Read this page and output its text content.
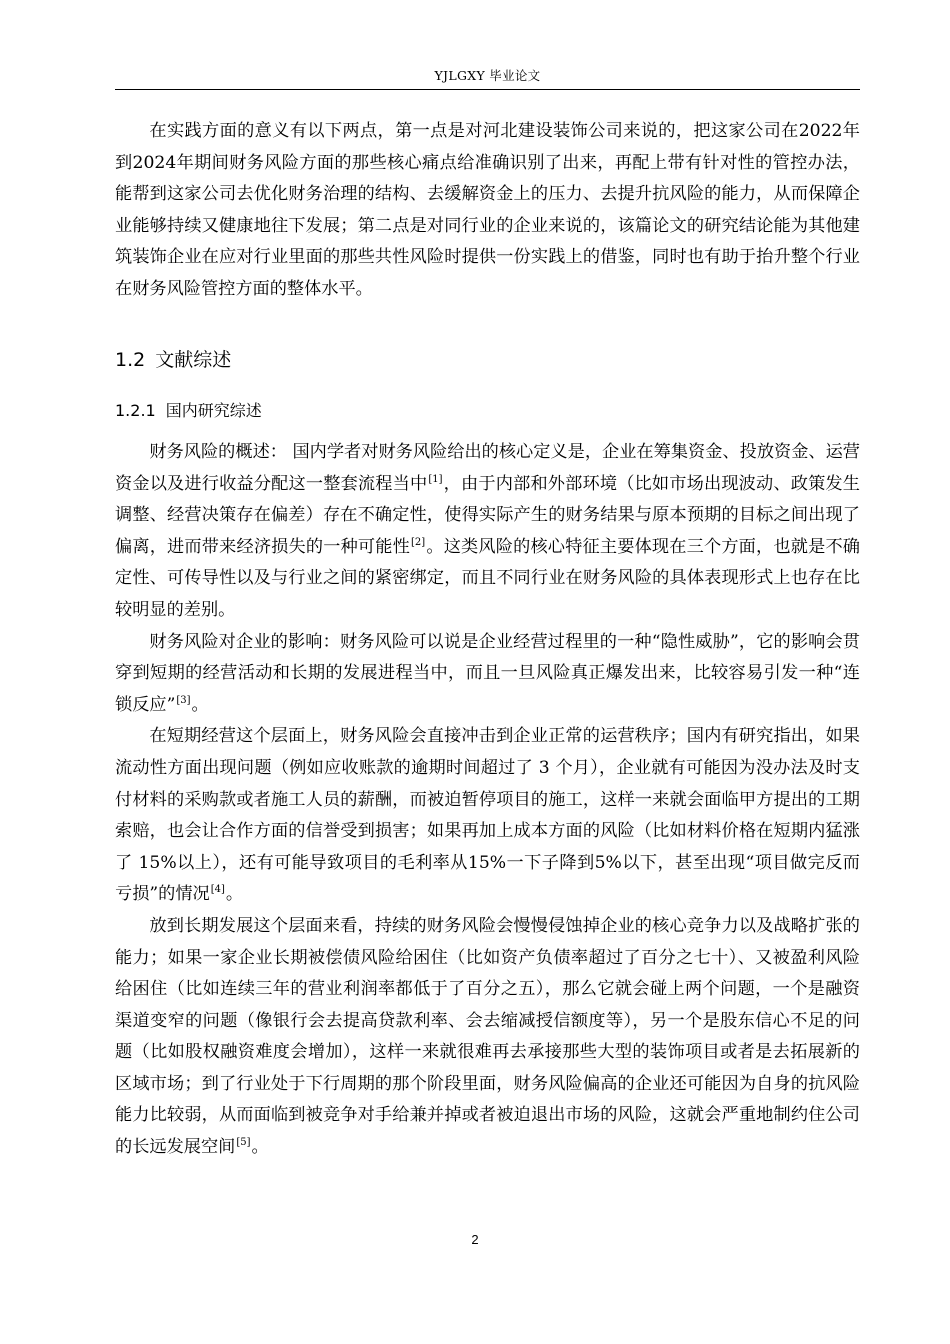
YJLGXY 毕业论文

在实践方面的意义有以下两点，第一点是对河北建设装饰公司来说的，把这家公司在2022年到2024年期间财务风险方面的那些核心痛点给准确识别了出来，再配上带有针对性的管控办法，能帮到这家公司去优化财务治理的结构、去缓解资金上的压力、去提升抗风险的能力，从而保障企业能够持续又健康地往下发展；第二点是对同行业的企业来说的，该篇论文的研究结论能为其他建筑装饰企业在应对行业里面的那些共性风险时提供一份实践上的借鉴，同时也有助于抬升整个行业在财务风险管控方面的整体水平。

1.2 文献综述
1.2.1 国内研究综述

财务风险的概述： 国内学者对财务风险给出的核心定义是，企业在筹集资金、投放资金、运营资金以及进行收益分配这一整套流程当中[1]，由于内部和外部环境（比如市场出现波动、政策发生调整、经营决策存在偏差）存在不确定性，使得实际产生的财务结果与原本预期的目标之间出现了偏离，进而带来经济损失的一种可能性[2]。这类风险的核心特征主要体现在三个方面，也就是不确定性、可传导性以及与行业之间的紧密绑定，而且不同行业在财务风险的具体表现形式上也存在比较明显的差别。

财务风险对企业的影响：财务风险可以说是企业经营过程里的一种“隐性威胁”，它的影响会贯穿到短期的经营活动和长期的发展进程当中，而且一旦风险真正爆发出来，比较容易引发一种“连锁反应”[3]。

在短期经营这个层面上，财务风险会直接冲击到企业正常的运营秩序；国内有研究指出，如果流动性方面出现问题（例如应收账款的逾期时间超过了 3 个月），企业就有可能因为没办法及时支付材料的采购款或者施工人员的薪酬，而被迫暂停项目的施工，这样一来就会面临甲方提出的工期索赔，也会让合作方面的信誉受到损害；如果再加上成本方面的风险（比如材料价格在短期内猛涨了 15%以上），还有可能导致项目的毛利率从15%一下子降到5%以下，甚至出现“项目做完反而亏损”的情况[4]。

放到长期发展这个层面来看，持续的财务风险会慢慢侵蚀掉企业的核心竞争力以及战略扩张的能力；如果一家企业长期被偿债风险给困住（比如资产负债率超过了百分之七十）、又被盈利风险给困住（比如连续三年的营业利润率都低于了百分之五），那么它就会碰上两个问题，一个是融资渠道变窄的问题（像银行会去提高贷款利率、会去缩减授信额度等），另一个是股东信心不足的问题（比如股权融资难度会增加），这样一来就很难再去承接那些大型的装饰项目或者是去拓展新的区域市场；到了行业处于下行周期的那个阶段里面，财务风险偏高的企业还可能因为自身的抗风险能力比较弱，从而面临到被竞争对手给兼并掉或者被迫退出市场的风险，这就会严重地制约住公司的长远发展空间[5]。

2
